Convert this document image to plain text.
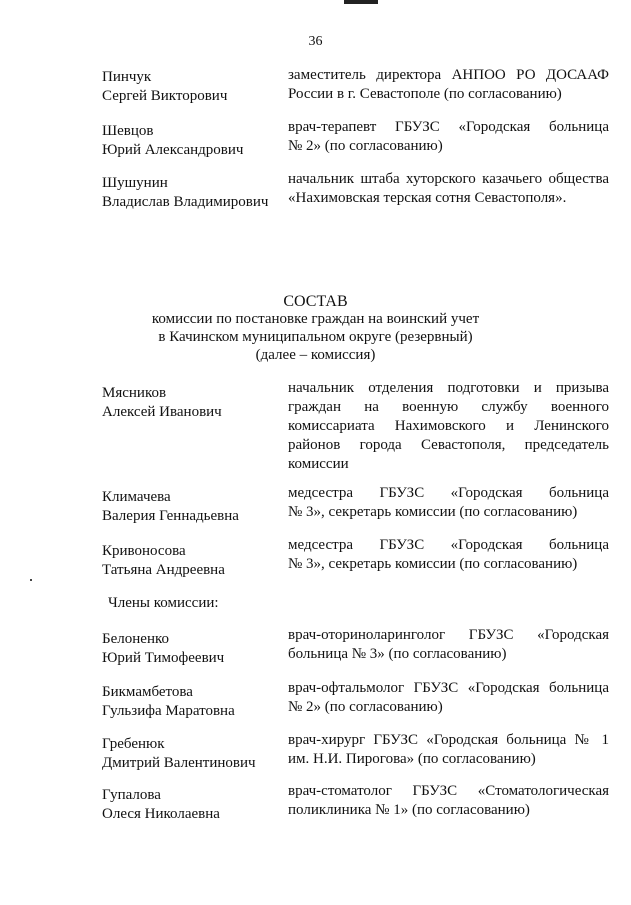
36
Пинчук
Сергей Викторович
заместитель директора АНПОО РО ДОСААФ
России в г. Севастополе (по согласованию)
Шевцов
Юрий Александрович
врач-терапевт ГБУЗС «Городская больница
№ 2» (по согласованию)
Шушунин
Владислав Владимирович
начальник штаба хуторского казачьего общества
«Нахимовская терская сотня Севастополя».
СОСТАВ
комиссии по постановке граждан на воинский учет
в Качинском муниципальном округе (резервный)
(далее – комиссия)
Мясников
Алексей Иванович
начальник отделения подготовки и призыва
граждан на военную службу военного
комиссариата Нахимовского и Ленинского
районов города Севастополя, председатель
комиссии
Климачева
Валерия Геннадьевна
медсестра ГБУЗС «Городская больница
№ 3», секретарь комиссии (по согласованию)
Кривоносова
Татьяна Андреевна
медсестра ГБУЗС «Городская больница
№ 3», секретарь комиссии (по согласованию)
Члены комиссии:
Белоненко
Юрий Тимофеевич
врач-оториноларинголог ГБУЗС «Городская
больница № 3» (по согласованию)
Бикмамбетова
Гульзифа Маратовна
врач-офтальмолог ГБУЗС «Городская больница
№ 2» (по согласованию)
Гребенюк
Дмитрий Валентинович
врач-хирург ГБУЗС «Городская больница № 1
им. Н.И. Пирогова» (по согласованию)
Гупалова
Олеся Николаевна
врач-стоматолог ГБУЗС «Стоматологическая
поликлиника № 1» (по согласованию)
